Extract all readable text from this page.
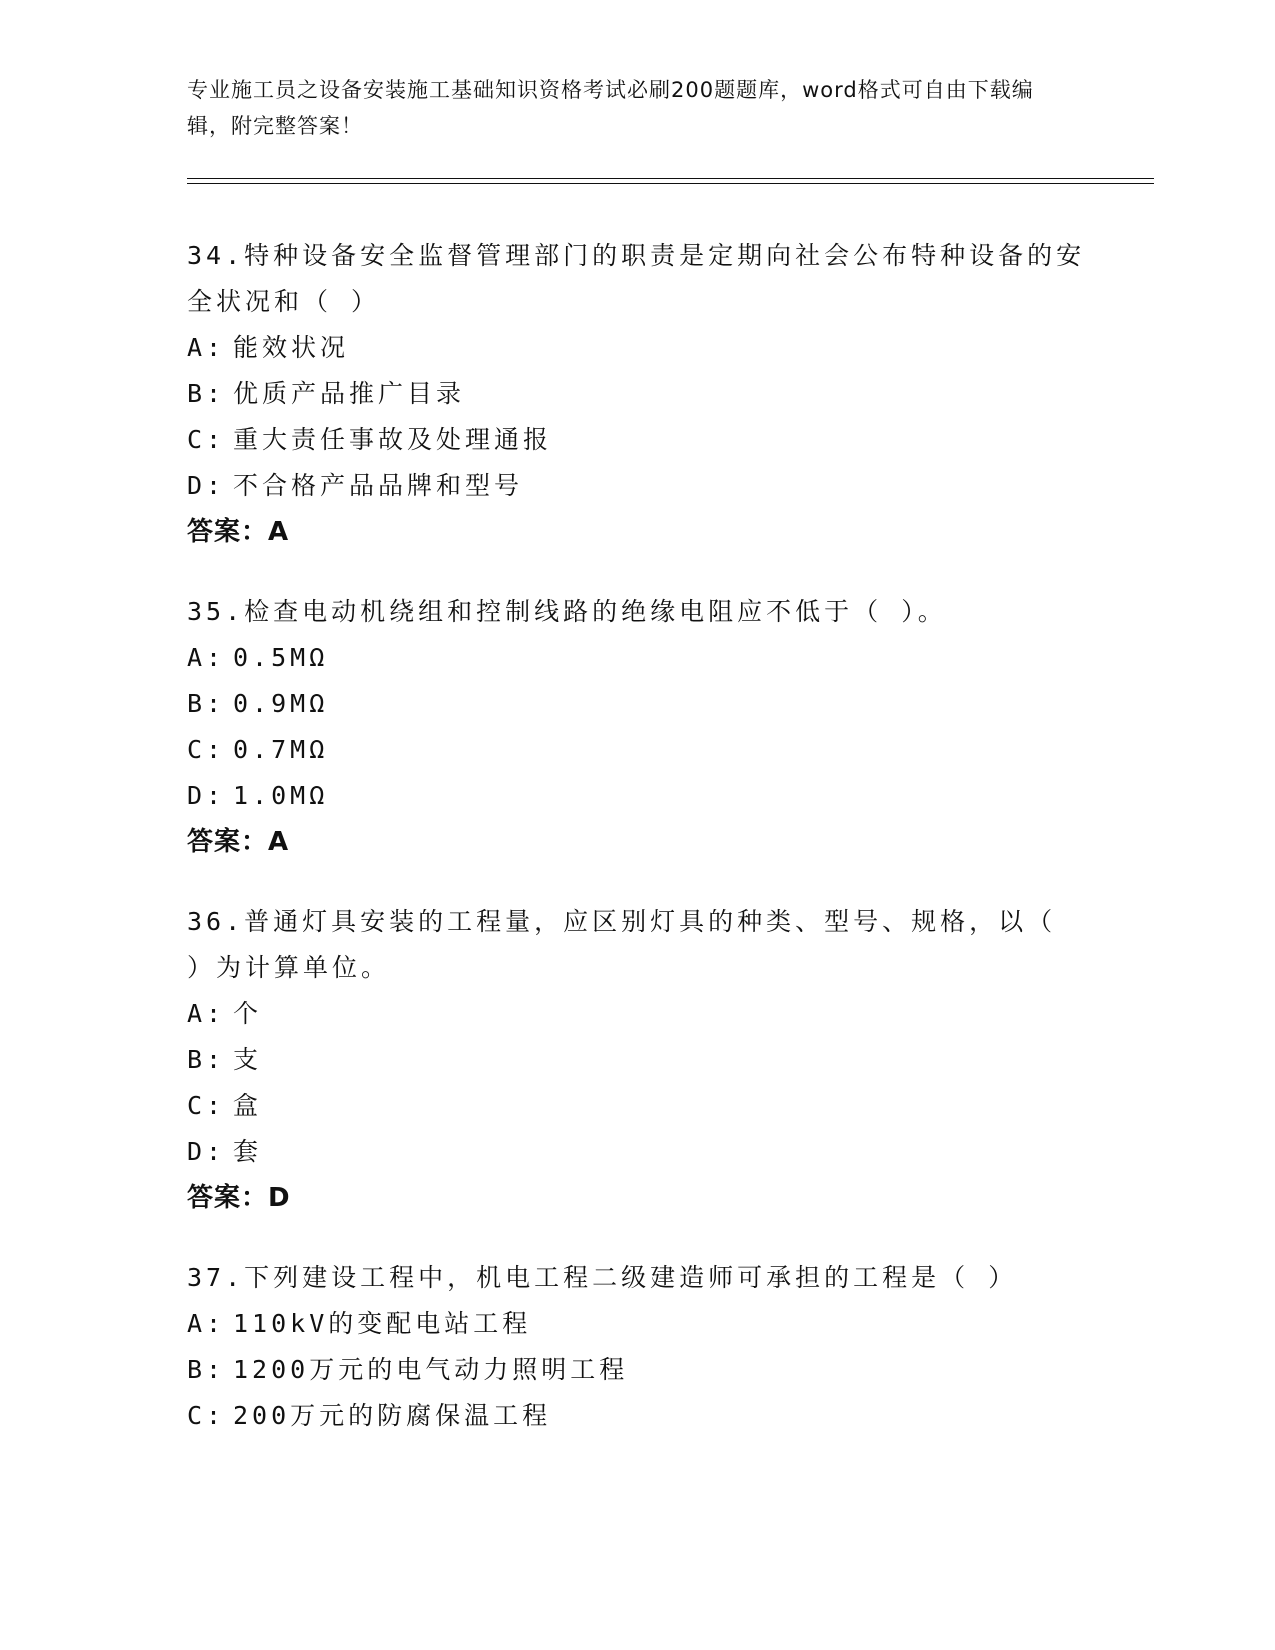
专业施工员之设备安装施工基础知识资格考试必刷200题题库，word格式可自由下载编辑，附完整答案！
34.特种设备安全监督管理部门的职责是定期向社会公布特种设备的安全状况和（ ）
A: 能效状况
B: 优质产品推广目录
C: 重大责任事故及处理通报
D: 不合格产品品牌和型号
答案：A
35.检查电动机绕组和控制线路的绝缘电阻应不低于（ ）。
A: 0.5MΩ
B: 0.9MΩ
C: 0.7MΩ
D: 1.0MΩ
答案：A
36.普通灯具安装的工程量，应区别灯具的种类、型号、规格，以（ ）为计算单位。
A: 个
B: 支
C: 盒
D: 套
答案：D
37.下列建设工程中，机电工程二级建造师可承担的工程是（ ）
A: 110kV的变配电站工程
B: 1200万元的电气动力照明工程
C: 200万元的防腐保温工程
